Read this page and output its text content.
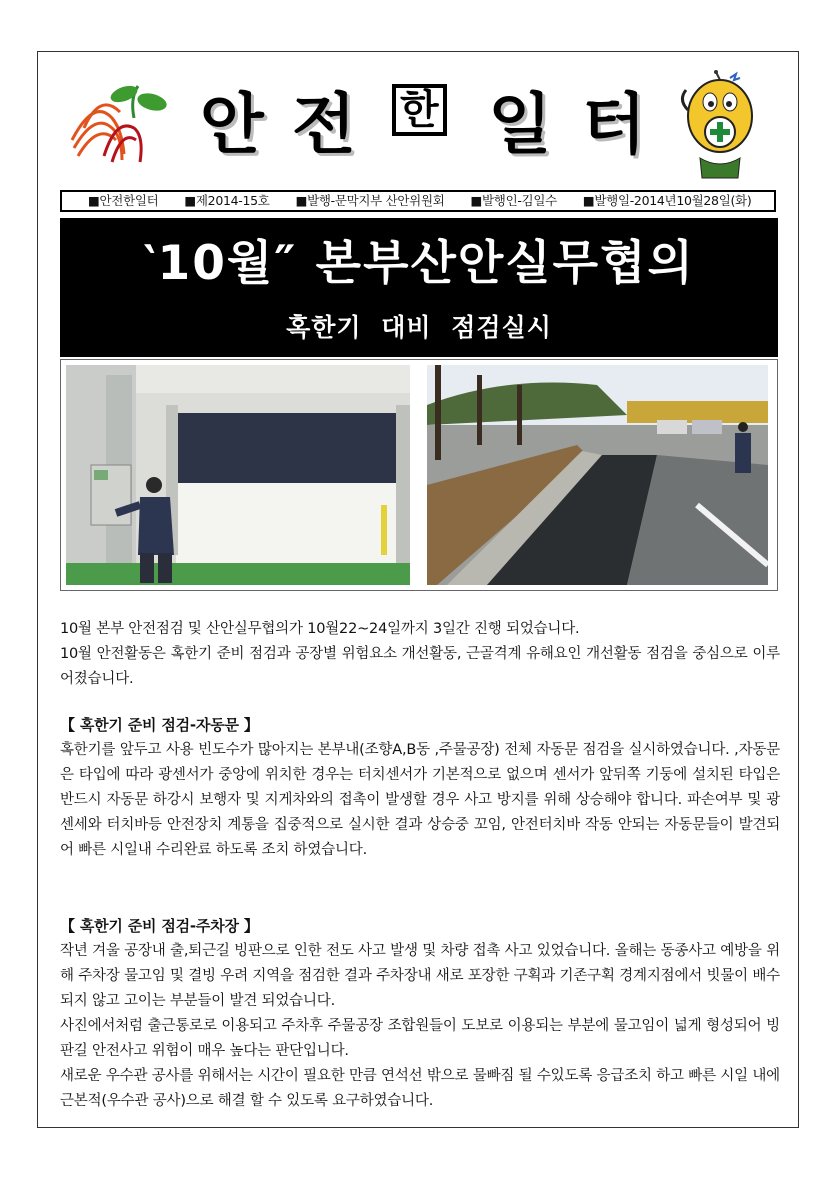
안 전 한 일 터
■ 안전한일터	■ 제2014-15호	■ 발행-문막지부 산안위원회	■ 발행인-김일수	■ 발행일-2014년10월28일(화)
‵10월″ 본부산안실무협의
혹한기 대비 점검실시

10월 본부 안전점검 및 산안실무협의가 10월22~24일까지 3일간 진행 되었습니다.

10월 안전활동은 혹한기 준비 점검과 공장별 위험요소 개선활동, 근골격계 유해요인 개선활동 점검을 중심으로 이루어졌습니다.

【 혹한기 준비 점검-자동문 】

혹한기를 앞두고 사용 빈도수가 많아지는 본부내(조향A,B동 ,주물공장) 전체 자동문 점검을 실시하였습니다. ,자동문은 타입에 따라 광센서가 중앙에 위치한 경우는 터치센서가 기본적으로 없으며 센서가 앞뒤쪽 기둥에 설치된 타입은 반드시 자동문 하강시 보행자 및 지게차와의 접촉이 발생할 경우 사고 방지를 위해 상승해야 합니다. 파손여부 및 광센세와 터치바등 안전장치 계통을 집중적으로 실시한 결과 상승중 꼬임, 안전터치바 작동 안되는 자동문들이 발견되어 빠른 시일내 수리완료 하도록 조치 하였습니다.

【 혹한기 준비 점검-주차장 】

작년 겨울 공장내 출,퇴근길 빙판으로 인한 전도 사고 발생 및 차량 접촉 사고 있었습니다. 올해는 동종사고 예방을 위해 주차장 물고임 및 결빙 우려 지역을 점검한 결과 주차장내 새로 포장한 구획과 기존구획 경계지점에서 빗물이 배수 되지 않고 고이는 부분들이 발견 되었습니다.

사진에서처럼 출근통로로 이용되고 주차후 주물공장 조합원들이 도보로 이용되는 부분에 물고임이 넓게 형성되어 빙판길 안전사고 위험이 매우 높다는 판단입니다.

새로운 우수관 공사를 위해서는 시간이 필요한 만큼 연석선 밖으로 물빠짐 될 수있도록 응급조치 하고 빠른 시일 내에 근본적(우수관 공사)으로 해결 할 수 있도록 요구하였습니다.
